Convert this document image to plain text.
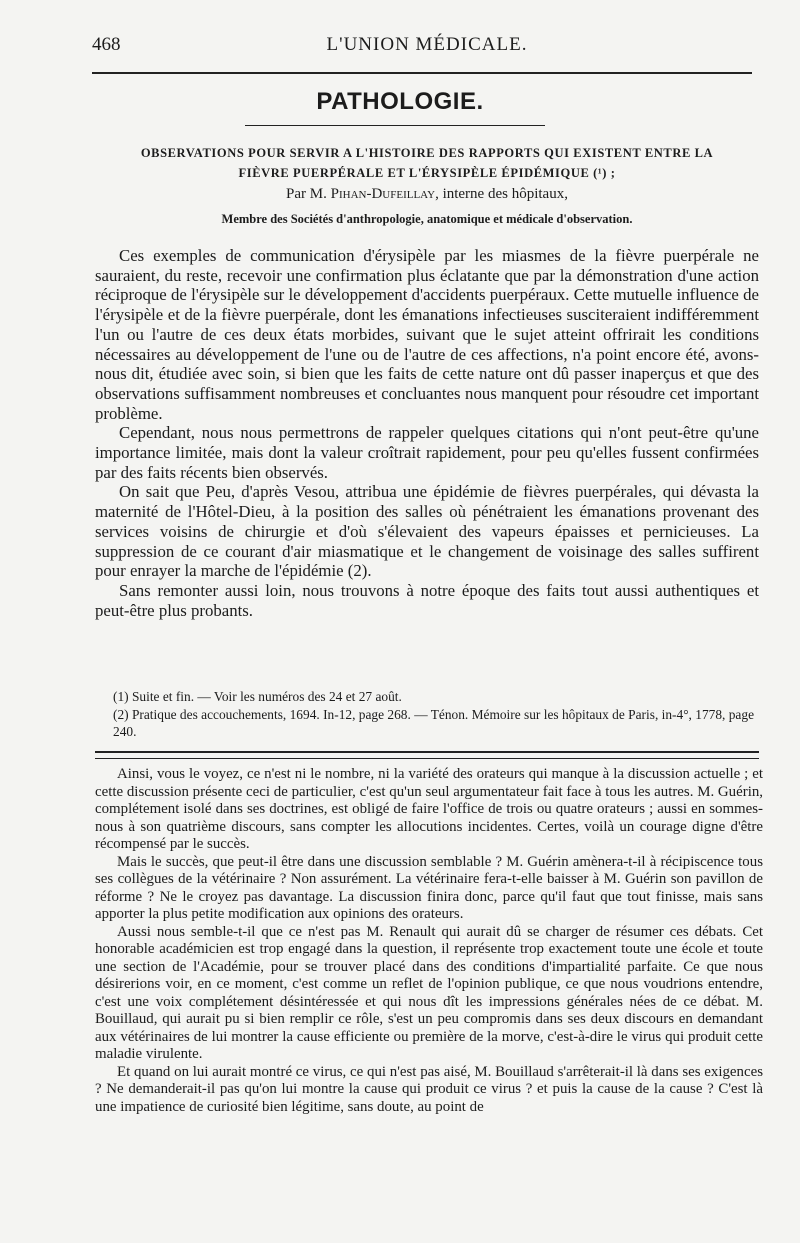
468	L'UNION MÉDICALE.
PATHOLOGIE.
OBSERVATIONS POUR SERVIR A L'HISTOIRE DES RAPPORTS QUI EXISTENT ENTRE LA
FIÈVRE PUERPÉRALE ET L'ÉRYSIPÈLE ÉPIDÉMIQUE (¹) ;
Par M. Pihan-Dufeillay, interne des hôpitaux,
Membre des Sociétés d'anthropologie, anatomique et médicale d'observation.

Ces exemples de communication d'érysipèle par les miasmes de la fièvre puerpérale ne sauraient, du reste, recevoir une confirmation plus éclatante que par la démonstration d'une action réciproque de l'érysipèle sur le développement d'accidents puerpéraux. Cette mutuelle influence de l'érysipèle et de la fièvre puerpérale, dont les émanations infectieuses susciteraient indifféremment l'un ou l'autre de ces deux états morbides, suivant que le sujet atteint offrirait les conditions nécessaires au développement de l'une ou de l'autre de ces affections, n'a point encore été, avons-nous dit, étudiée avec soin, si bien que les faits de cette nature ont dû passer inaperçus et que des observations suffisamment nombreuses et concluantes nous manquent pour résoudre cet important problème.

Cependant, nous nous permettrons de rappeler quelques citations qui n'ont peut-être qu'une importance limitée, mais dont la valeur croîtrait rapidement, pour peu qu'elles fussent confirmées par des faits récents bien observés.

On sait que Peu, d'après Vesou, attribua une épidémie de fièvres puerpérales, qui dévasta la maternité de l'Hôtel-Dieu, à la position des salles où pénétraient les émanations provenant des services voisins de chirurgie et d'où s'élevaient des vapeurs épaisses et pernicieuses. La suppression de ce courant d'air miasmatique et le changement de voisinage des salles suffirent pour enrayer la marche de l'épidémie (2).

Sans remonter aussi loin, nous trouvons à notre époque des faits tout aussi authentiques et peut-être plus probants.

(1) Suite et fin. — Voir les numéros des 24 et 27 août.

(2) Pratique des accouchements, 1694. In-12, page 268. — Ténon. Mémoire sur les hôpitaux de Paris, in-4°, 1778, page 240.

Ainsi, vous le voyez, ce n'est ni le nombre, ni la variété des orateurs qui manque à la discussion actuelle ; et cette discussion présente ceci de particulier, c'est qu'un seul argumentateur fait face à tous les autres. M. Guérin, complétement isolé dans ses doctrines, est obligé de faire l'office de trois ou quatre orateurs ; aussi en sommes-nous à son quatrième discours, sans compter les allocutions incidentes. Certes, voilà un courage digne d'être récompensé par le succès.

Mais le succès, que peut-il être dans une discussion semblable ? M. Guérin amènera-t-il à récipiscence tous ses collègues de la vétérinaire ? Non assurément. La vétérinaire fera-t-elle baisser à M. Guérin son pavillon de réforme ? Ne le croyez pas davantage. La discussion finira donc, parce qu'il faut que tout finisse, mais sans apporter la plus petite modification aux opinions des orateurs.

Aussi nous semble-t-il que ce n'est pas M. Renault qui aurait dû se charger de résumer ces débats. Cet honorable académicien est trop engagé dans la question, il représente trop exactement toute une école et toute une section de l'Académie, pour se trouver placé dans des conditions d'impartialité parfaite. Ce que nous désirerions voir, en ce moment, c'est comme un reflet de l'opinion publique, ce que nous voudrions entendre, c'est une voix complétement désintéressée et qui nous dît les impressions générales nées de ce débat. M. Bouillaud, qui aurait pu si bien remplir ce rôle, s'est un peu compromis dans ses deux discours en demandant aux vétérinaires de lui montrer la cause efficiente ou première de la morve, c'est-à-dire le virus qui produit cette maladie virulente.

Et quand on lui aurait montré ce virus, ce qui n'est pas aisé, M. Bouillaud s'arrêterait-il là dans ses exigences ? Ne demanderait-il pas qu'on lui montre la cause qui produit ce virus ? et puis la cause de la cause ? C'est là une impatience de curiosité bien légitime, sans doute, au point de
